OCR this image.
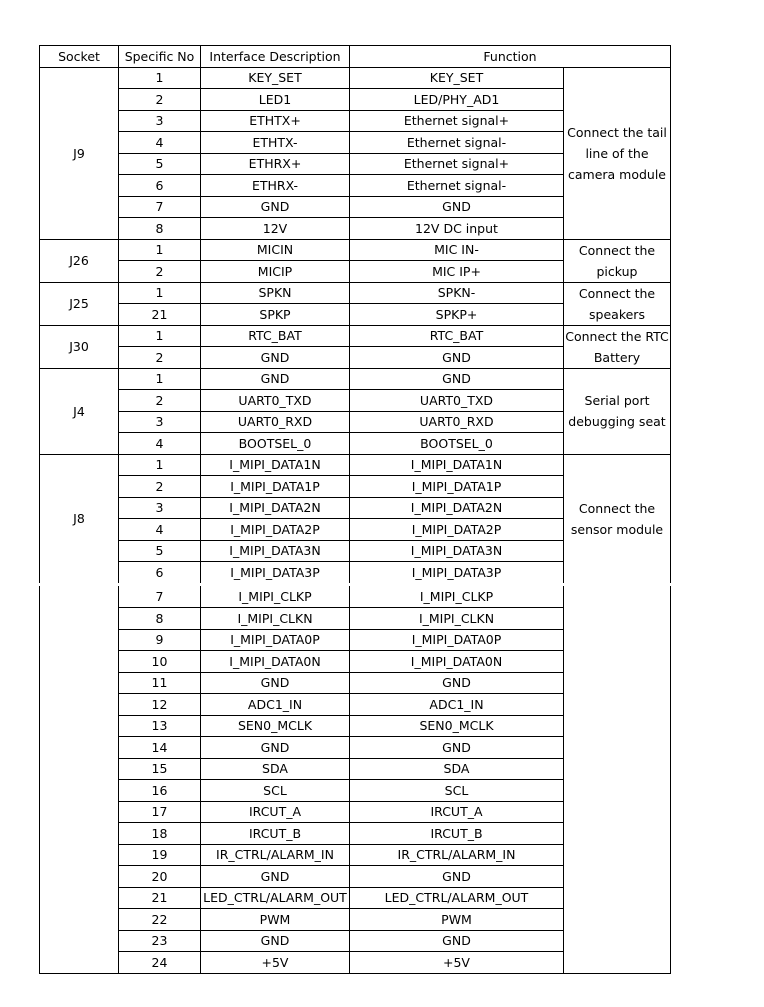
Socket	Specific No	Interface Description	Function	
J9	1	KEY_SET	KEY_SET	Connect the tail line of the camera module
	2	LED1	LED/PHY_AD1	
	3	ETHTX+	Ethernet signal+	
	4	ETHTX-	Ethernet signal-	
	5	ETHRX+	Ethernet signal+	
	6	ETHRX-	Ethernet signal-	
	7	GND	GND	
	8	12V	12V DC input	
J26	1	MICIN	MIC IN-	Connect the pickup
	2	MICIP	MIC IP+	
J25	1	SPKN	SPKN-	Connect the speakers
	21	SPKP	SPKP+	
J30	1	RTC_BAT	RTC_BAT	Connect the RTC Battery
	2	GND	GND	
J4	1	GND	GND	Serial port debugging seat
	2	UART0_TXD	UART0_TXD	
	3	UART0_RXD	UART0_RXD	
	4	BOOTSEL_0	BOOTSEL_0	
J8	1	I_MIPI_DATA1N	I_MIPI_DATA1N	Connect the sensor module
	2	I_MIPI_DATA1P	I_MIPI_DATA1P	
	3	I_MIPI_DATA2N	I_MIPI_DATA2N	
	4	I_MIPI_DATA2P	I_MIPI_DATA2P	
	5	I_MIPI_DATA3N	I_MIPI_DATA3N	
	6	I_MIPI_DATA3P	I_MIPI_DATA3P	
	7	I_MIPI_CLKP	I_MIPI_CLKP	
	8	I_MIPI_CLKN	I_MIPI_CLKN	
	9	I_MIPI_DATA0P	I_MIPI_DATA0P	
	10	I_MIPI_DATA0N	I_MIPI_DATA0N	
	11	GND	GND	
	12	ADC1_IN	ADC1_IN	
	13	SEN0_MCLK	SEN0_MCLK	
	14	GND	GND	
	15	SDA	SDA	
	16	SCL	SCL	
	17	IRCUT_A	IRCUT_A	
	18	IRCUT_B	IRCUT_B	
	19	IR_CTRL/ALARM_IN	IR_CTRL/ALARM_IN	
	20	GND	GND	
	21	LED_CTRL/ALARM_OUT	LED_CTRL/ALARM_OUT	
	22	PWM	PWM	
	23	GND	GND	
	24	+5V	+5V	
